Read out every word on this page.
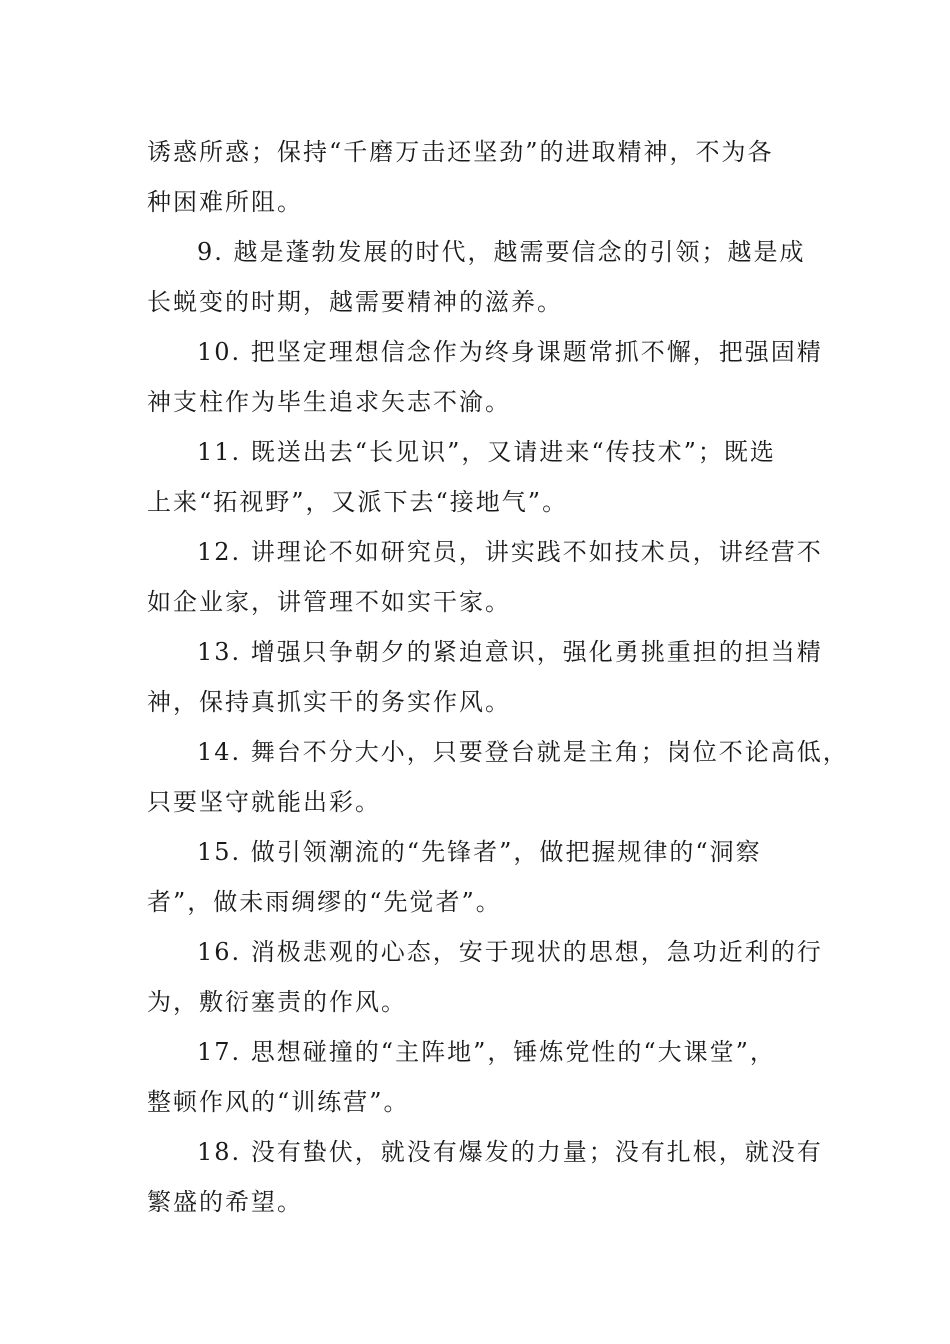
诱惑所惑；保持“千磨万击还坚劲”的进取精神，不为各
种困难所阻。

9. 越是蓬勃发展的时代，越需要信念的引领；越是成
长蜕变的时期，越需要精神的滋养。

10. 把坚定理想信念作为终身课题常抓不懈，把强固精
神支柱作为毕生追求矢志不渝。

11. 既送出去“长见识”，又请进来“传技术”；既选
上来“拓视野”，又派下去“接地气”。

12. 讲理论不如研究员，讲实践不如技术员，讲经营不
如企业家，讲管理不如实干家。

13. 增强只争朝夕的紧迫意识，强化勇挑重担的担当精
神，保持真抓实干的务实作风。

14. 舞台不分大小，只要登台就是主角；岗位不论高低，
只要坚守就能出彩。

15. 做引领潮流的“先锋者”，做把握规律的“洞察
者”，做未雨绸缪的“先觉者”。

16. 消极悲观的心态，安于现状的思想，急功近利的行
为，敷衍塞责的作风。

17. 思想碰撞的“主阵地”，锤炼党性的“大课堂”，
整顿作风的“训练营”。

18. 没有蛰伏，就没有爆发的力量；没有扎根，就没有
繁盛的希望。
